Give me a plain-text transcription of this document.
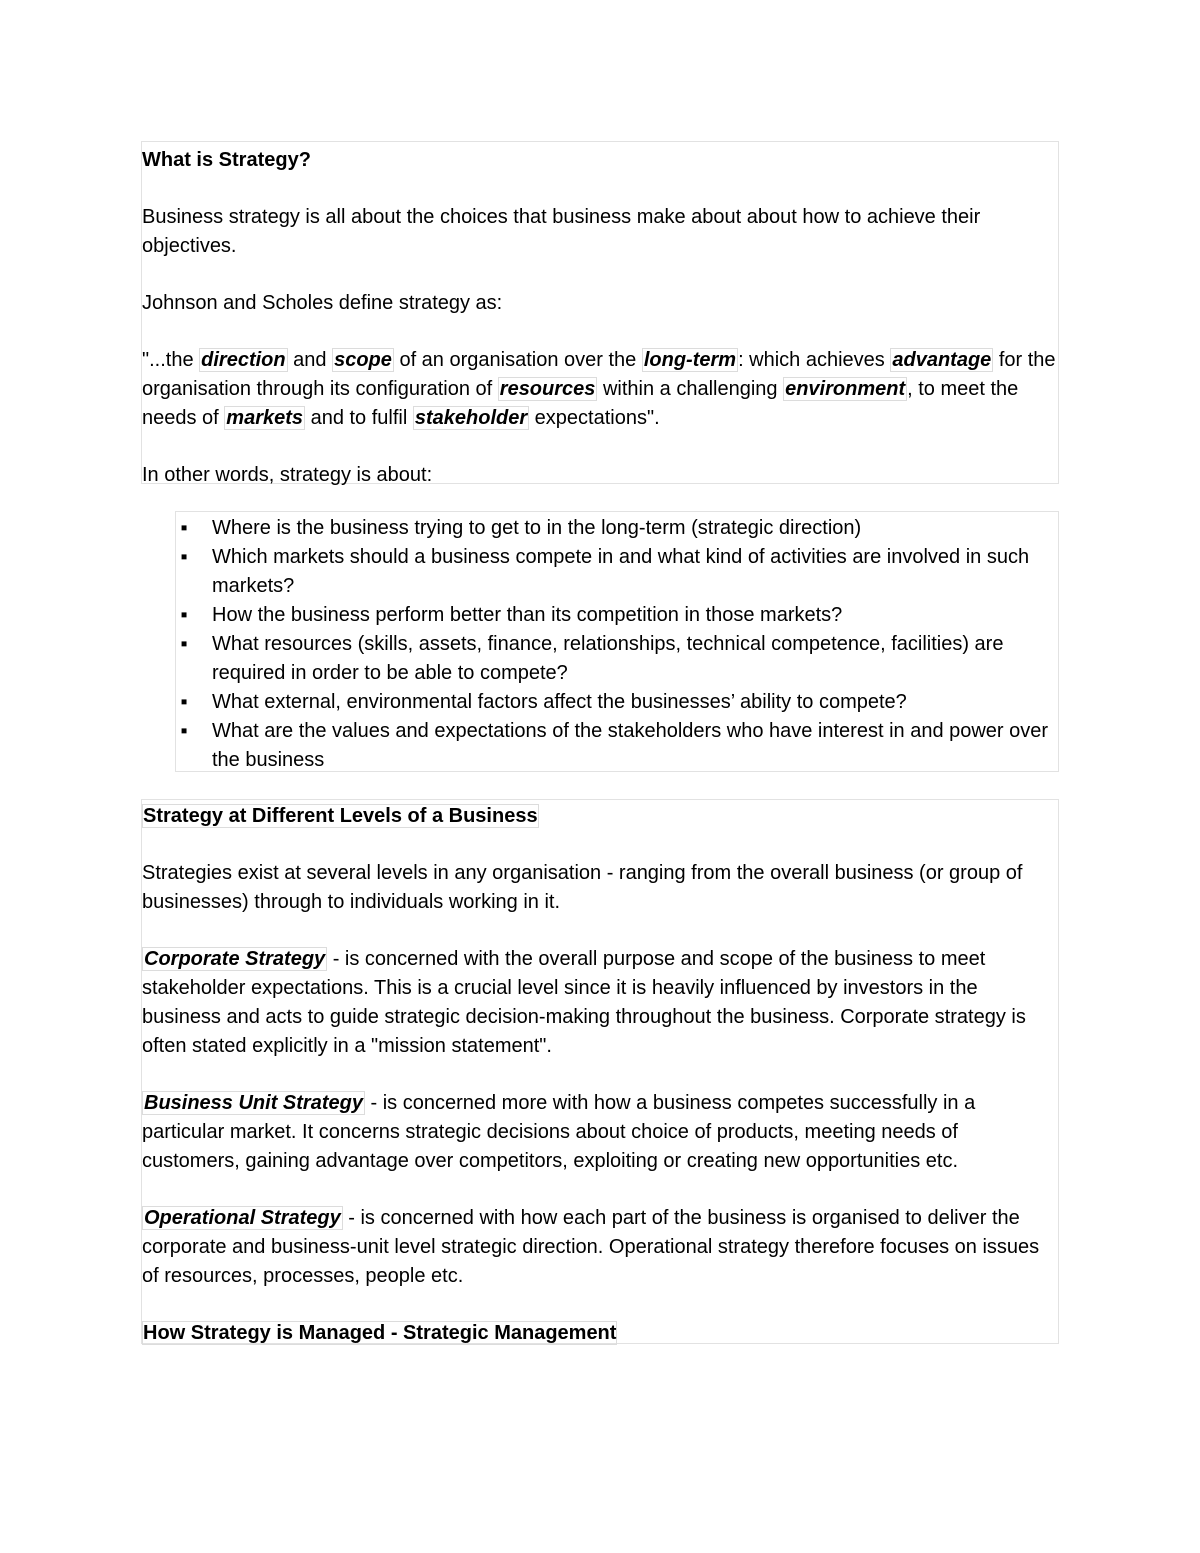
What is Strategy?

Business strategy is all about the choices that business make about about how to achieve their objectives.

Johnson and Scholes define strategy as:

"...the direction and scope of an organisation over the long-term : which achieves advantage for the organisation through its configuration of resources within a challenging environment , to meet the needs of markets and to fulfil stakeholder expectations".

In other words, strategy is about:

▪ Where is the business trying to get to in the long-term (strategic direction)
▪ Which markets should a business compete in and what kind of activities are involved in such markets?
▪ How the business perform better than its competition in those markets?
▪ What resources (skills, assets, finance, relationships, technical competence, facilities) are required in order to be able to compete?
▪ What external, environmental factors affect the businesses’ ability to compete?
▪ What are the values and expectations of the stakeholders who have interest in and power over the business

Strategy at Different Levels of a Business

Strategies exist at several levels in any organisation - ranging from the overall business (or group of businesses) through to individuals working in it.

Corporate Strategy - is concerned with the overall purpose and scope of the business to meet stakeholder expectations. This is a crucial level since it is heavily influenced by investors in the business and acts to guide strategic decision-making throughout the business. Corporate strategy is often stated explicitly in a "mission statement".

Business Unit Strategy - is concerned more with how a business competes successfully in a particular market. It concerns strategic decisions about choice of products, meeting needs of customers, gaining advantage over competitors, exploiting or creating new opportunities etc.

Operational Strategy - is concerned with how each part of the business is organised to deliver the corporate and business-unit level strategic direction. Operational strategy therefore focuses on issues of resources, processes, people etc.

How Strategy is Managed - Strategic Management
